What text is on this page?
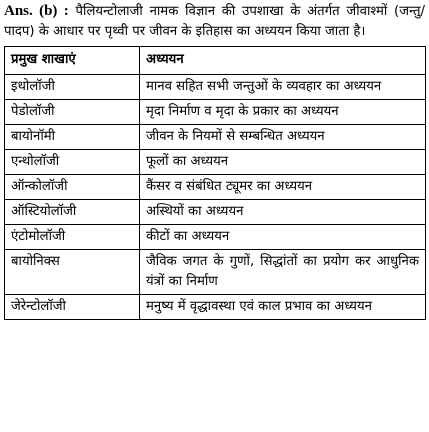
Ans. (b) : पैलियन्टोलाजी नामक विज्ञान की उपशाखा के अंतर्गत जीवाश्मों (जन्तु/पादप) के आधार पर पृथ्वी पर जीवन के इतिहास का अध्ययन किया जाता है।

प्रमुख शाखाएं	अध्ययन
इथोलॉजी	मानव सहित सभी जन्तुओं के व्यवहार का अध्ययन
पेडोलॉजी	मृदा निर्माण व मृदा के प्रकार का अध्ययन
बायोनॉमी	जीवन के नियमों से सम्बन्धित अध्ययन
एन्थोलॉजी	फूलों का अध्ययन
ऑन्कोलॉजी	कैंसर व संबंधित ट्यूमर का अध्ययन
ऑस्टियोलॉजी	अस्थियों का अध्ययन
एंटोमोलॉजी	कीटों का अध्ययन
बायोनिक्स	जैविक जगत के गुणों, सिद्धांतों का प्रयोग कर आधुनिक यंत्रों का निर्माण
जेरेन्टोलॉजी	मनुष्य में वृद्धावस्था एवं काल प्रभाव का अध्ययन
